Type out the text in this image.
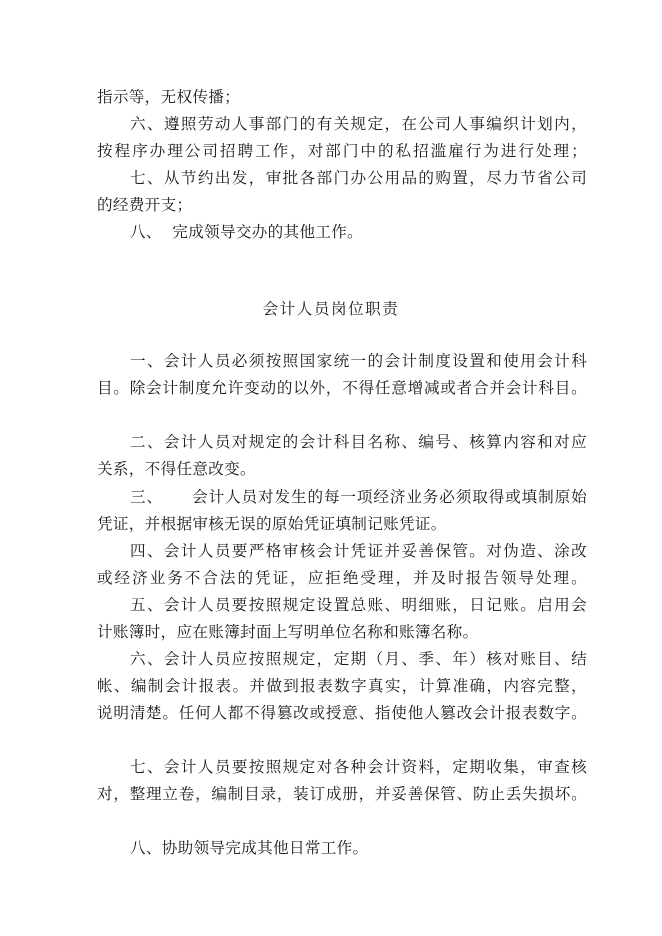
指示等，无权传播；
六、遵照劳动人事部门的有关规定，在公司人事编织计划内，
按程序办理公司招聘工作，对部门中的私招滥雇行为进行处理；
七、从节约出发，审批各部门办公用品的购置，尽力节省公司
的经费开支；
八、  完成领导交办的其他工作。
会计人员岗位职责
一、会计人员必须按照国家统一的会计制度设置和使用会计科
目。除会计制度允许变动的以外，不得任意增减或者合并会计科目。
二、会计人员对规定的会计科目名称、编号、核算内容和对应
关系，不得任意改变。
三、     会计人员对发生的每一项经济业务必须取得或填制原始
凭证，并根据审核无误的原始凭证填制记账凭证。
四、会计人员要严格审核会计凭证并妥善保管。对伪造、涂改
或经济业务不合法的凭证，应拒绝受理，并及时报告领导处理。
五、会计人员要按照规定设置总账、明细账，日记账。启用会
计账簿时，应在账簿封面上写明单位名称和账簿名称。
六、会计人员应按照规定，定期（月、季、年）核对账目、结
帐、编制会计报表。并做到报表数字真实，计算准确，内容完整，
说明清楚。任何人都不得篡改或授意、指使他人篡改会计报表数字。
七、会计人员要按照规定对各种会计资料，定期收集，审查核
对，整理立卷，编制目录，装订成册，并妥善保管、防止丢失损坏。
八、协助领导完成其他日常工作。
